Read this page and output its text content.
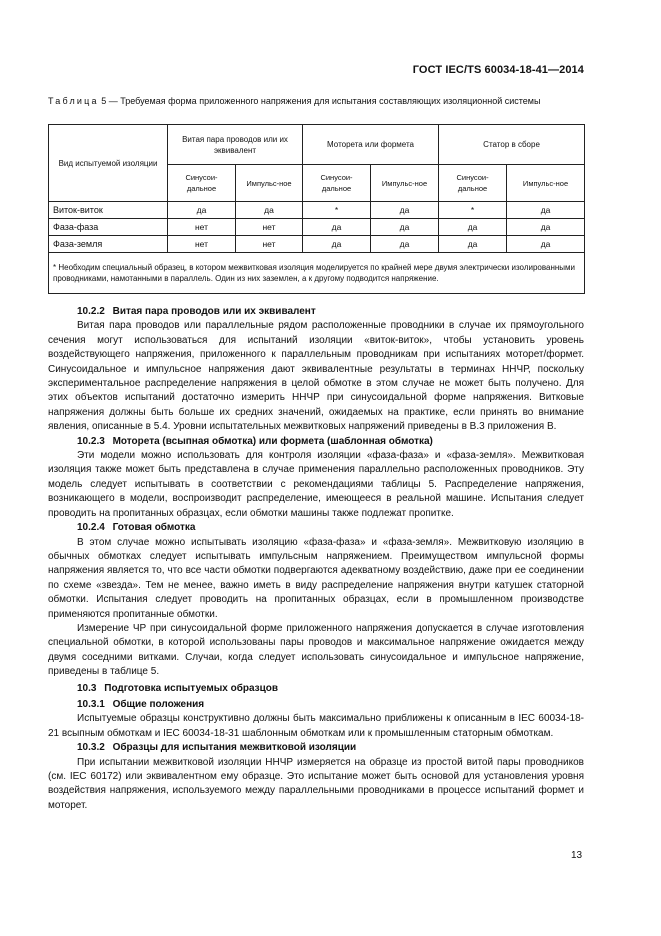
ГОСТ IEC/TS 60034-18-41—2014
Таблица 5 — Требуемая форма приложенного напряжения для испытания составляющих изоляционной системы
Вид испытуемой изоляции	Витая пара проводов или их эквивалент		Моторета или формета		Статор в сборе	
	Синусои-дальное	Импульс-ное	Синусои-дальное	Импульс-ное	Синусои-дальное	Импульс-ное
Виток-виток	да	да	*	да	*	да
Фаза-фаза	нет	нет	да	да	да	да
Фаза-земля	нет	нет	да	да	да	да
* Необходим специальный образец, в котором межвитковая изоляция моделируется по крайней мере двумя электрически изолированными проводниками, намотанными в параллель. Один из них заземлен, а к другому подводится напряжение.						
10.2.2 Витая пара проводов или их эквивалент

Витая пара проводов или параллельные рядом расположенные проводники в случае их прямоугольного сечения могут использоваться для испытаний изоляции «виток-виток», чтобы установить уровень воздействующего напряжения, приложенного к параллельным проводникам при испытаниях моторет/формет. Синусоидальное и импульсное напряжения дают эквивалентные результаты в терминах ННЧР, поскольку экспериментальное распределение напряжения в целой обмотке в этом случае не может быть получено. Для этих объектов испытаний достаточно измерить ННЧР при синусоидальной форме напряжения. Витковые напряжения должны быть больше их средних значений, ожидаемых на практике, если принять во внимание явления, описанные в 5.4. Уровни испытательных межвитковых напряжений приведены в В.3 приложения В.

10.2.3 Моторета (всыпная обмотка) или формета (шаблонная обмотка)

Эти модели можно использовать для контроля изоляции «фаза-фаза» и «фаза-земля». Межвитковая изоляция также может быть представлена в случае применения параллельно расположенных проводников. Эту модель следует испытывать в соответствии с рекомендациями таблицы 5. Распределение напряжения, возникающего в модели, воспроизводит распределение, имеющееся в реальной машине. Испытания следует проводить на пропитанных образцах, если обмотки машины также подлежат пропитке.

10.2.4 Готовая обмотка

В этом случае можно испытывать изоляцию «фаза-фаза» и «фаза-земля». Межвитковую изоляцию в обычных обмотках следует испытывать импульсным напряжением. Преимуществом импульсной формы напряжения является то, что все части обмотки подвергаются адекватному воздействию, даже при ее соединении по схеме «звезда». Тем не менее, важно иметь в виду распределение напряжения внутри катушек статорной обмотки. Испытания следует проводить на пропитанных образцах, если в промышленном производстве применяются пропитанные обмотки.

Измерение ЧР при синусоидальной форме приложенного напряжения допускается в случае изготовления специальной обмотки, в которой использованы пары проводов и максимальное напряжение ожидается между двумя соседними витками. Случаи, когда следует использовать синусоидальное и импульсное напряжение, приведены в таблице 5.

10.3 Подготовка испытуемых образцов
10.3.1 Общие положения

Испытуемые образцы конструктивно должны быть максимально приближены к описанным в IEC 60034-18-21 всыпным обмоткам и IEC 60034-18-31 шаблонным обмоткам или к промышленным статорным обмоткам.

10.3.2 Образцы для испытания межвитковой изоляции

При испытании межвитковой изоляции ННЧР измеряется на образце из простой витой пары проводников (см. IEC 60172) или эквивалентном ему образце. Это испытание может быть основой для установления уровня воздействия напряжения, используемого между параллельными проводниками в процессе испытаний формет и моторет.

13
